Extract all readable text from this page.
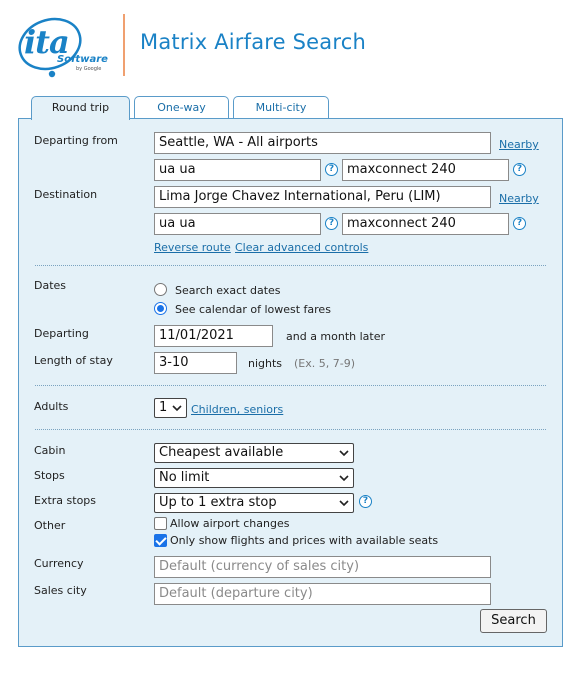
ita
Software
by Google
Matrix Airfare Search
Round trip	One-way	Multi-city
Departing from	Seattle, WA - All airports	Nearby
ua ua	? maxconnect 240	?
Destination	Lima Jorge Chavez International, Peru (LIM)	Nearby
ua ua	? maxconnect 240	?
Reverse route Clear advanced controls
Dates	Search exact dates
See calendar of lowest fares
Departing	11/01/2021	and a month later
Length of stay	3-10	nights (Ex. 5, 7-9)
Adults	1	Children, seniors
Cabin	Cheapest available
Stops	No limit
Extra stops	Up to 1 extra stop	?
Other	Allow airport changes
Only show flights and prices with available seats
Currency	Default (currency of sales city)
Sales city	Default (departure city)
Search
